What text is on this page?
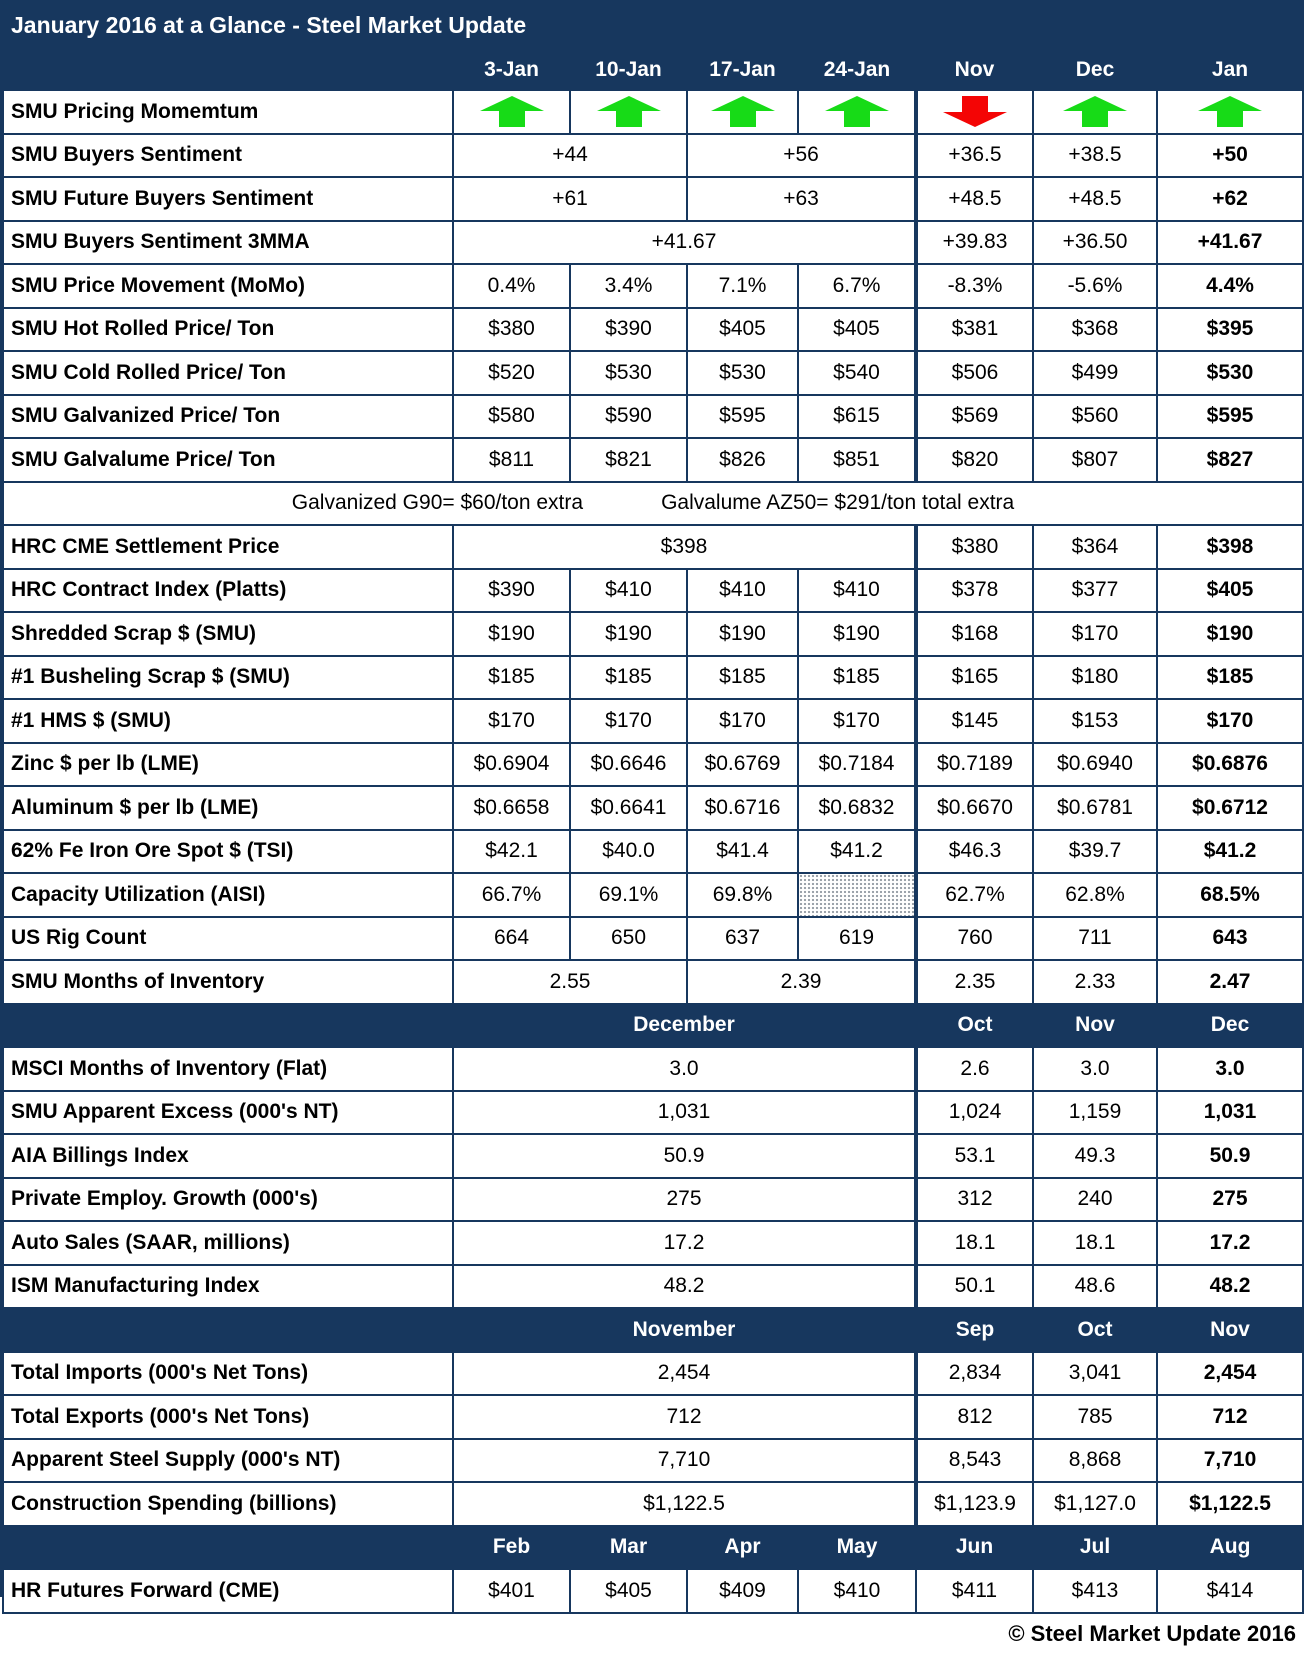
January 2016 at a Glance - Steel Market Update
	3-Jan	10-Jan	17-Jan	24-Jan	Nov	Dec	Jan
SMU Pricing Momemtum	

SMU Buyers Sentiment	+44		+56		+36.5	+38.5	+50
SMU Future Buyers Sentiment	+61		+63		+48.5	+48.5	+62
SMU Buyers Sentiment 3MMA	+41.67				+39.83	+36.50	+41.67
SMU Price Movement (MoMo)	0.4%	3.4%	7.1%	6.7%	-8.3%	-5.6%	4.4%
SMU Hot Rolled Price/ Ton	$380	$390	$405	$405	$381	$368	$395
SMU Cold Rolled Price/ Ton	$520	$530	$530	$540	$506	$499	$530
SMU Galvanized Price/ Ton	$580	$590	$595	$615	$569	$560	$595
SMU Galvalume Price/ Ton	$811	$821	$826	$851	$820	$807	$827
Galvanized G90= $60/ton extra Galvalume AZ50= $291/ton total extra							
HRC CME Settlement Price	$398				$380	$364	$398
HRC Contract Index (Platts)	$390	$410	$410	$410	$378	$377	$405
Shredded Scrap $ (SMU)	$190	$190	$190	$190	$168	$170	$190
#1 Busheling Scrap $ (SMU)	$185	$185	$185	$185	$165	$180	$185
#1 HMS $ (SMU)	$170	$170	$170	$170	$145	$153	$170
Zinc $ per lb (LME)	$0.6904	$0.6646	$0.6769	$0.7184	$0.7189	$0.6940	$0.6876
Aluminum $ per lb (LME)	$0.6658	$0.6641	$0.6716	$0.6832	$0.6670	$0.6781	$0.6712
62% Fe Iron Ore Spot $ (TSI)	$42.1	$40.0	$41.4	$41.2	$46.3	$39.7	$41.2
Capacity Utilization (AISI)	66.7%	69.1%	69.8%		62.7%	62.8%	68.5%
US Rig Count	664	650	637	619	760	711	643
SMU Months of Inventory	2.55		2.39		2.35	2.33	2.47
	December				Oct	Nov	Dec
MSCI Months of Inventory (Flat)	3.0				2.6	3.0	3.0
SMU Apparent Excess (000's NT)	1,031				1,024	1,159	1,031
AIA Billings Index	50.9				53.1	49.3	50.9
Private Employ. Growth (000's)	275				312	240	275
Auto Sales (SAAR, millions)	17.2				18.1	18.1	17.2
ISM Manufacturing Index	48.2				50.1	48.6	48.2
	November				Sep	Oct	Nov
Total Imports (000's Net Tons)	2,454				2,834	3,041	2,454
Total Exports (000's Net Tons)	712				812	785	712
Apparent Steel Supply (000's NT)	7,710				8,543	8,868	7,710
Construction Spending (billions)	$1,122.5				$1,123.9	$1,127.0	$1,122.5
	Feb	Mar	Apr	May	Jun	Jul	Aug
HR Futures Forward (CME)	$401	$405	$409	$410	$411	$413	$414
© Steel Market Update 2016
